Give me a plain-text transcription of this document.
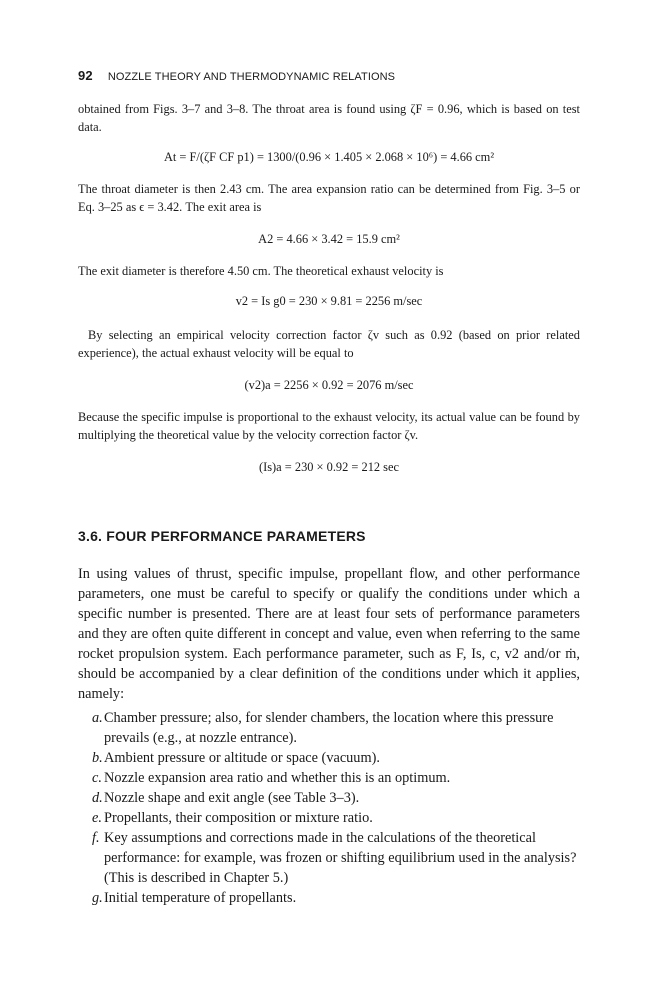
92 NOZZLE THEORY AND THERMODYNAMIC RELATIONS

obtained from Figs. 3–7 and 3–8. The throat area is found using ζF = 0.96, which is based on test data.

At = F/(ζF CF p1) = 1300/(0.96 × 1.405 × 2.068 × 10⁶) = 4.66 cm²

The throat diameter is then 2.43 cm. The area expansion ratio can be determined from Fig. 3–5 or Eq. 3–25 as ϵ = 3.42. The exit area is

A2 = 4.66 × 3.42 = 15.9 cm²

The exit diameter is therefore 4.50 cm. The theoretical exhaust velocity is

v2 = Is g0 = 230 × 9.81 = 2256 m/sec

By selecting an empirical velocity correction factor ζv such as 0.92 (based on prior related experience), the actual exhaust velocity will be equal to

(v2)a = 2256 × 0.92 = 2076 m/sec

Because the specific impulse is proportional to the exhaust velocity, its actual value can be found by multiplying the theoretical value by the velocity correction factor ζv.

(Is)a = 230 × 0.92 = 212 sec

3.6. FOUR PERFORMANCE PARAMETERS

In using values of thrust, specific impulse, propellant flow, and other performance parameters, one must be careful to specify or qualify the conditions under which a specific number is presented. There are at least four sets of performance parameters and they are often quite different in concept and value, even when referring to the same rocket propulsion system. Each performance parameter, such as F, Is, c, v2 and/or ṁ, should be accompanied by a clear definition of the conditions under which it applies, namely:

a.Chamber pressure; also, for slender chambers, the location where this pressure prevails (e.g., at nozzle entrance).
b.Ambient pressure or altitude or space (vacuum).
c. Nozzle expansion area ratio and whether this is an optimum.
d.Nozzle shape and exit angle (see Table 3–3).
e. Propellants, their composition or mixture ratio.
f. Key assumptions and corrections made in the calculations of the theoretical performance: for example, was frozen or shifting equilibrium used in the analysis? (This is described in Chapter 5.)
g.Initial temperature of propellants.
